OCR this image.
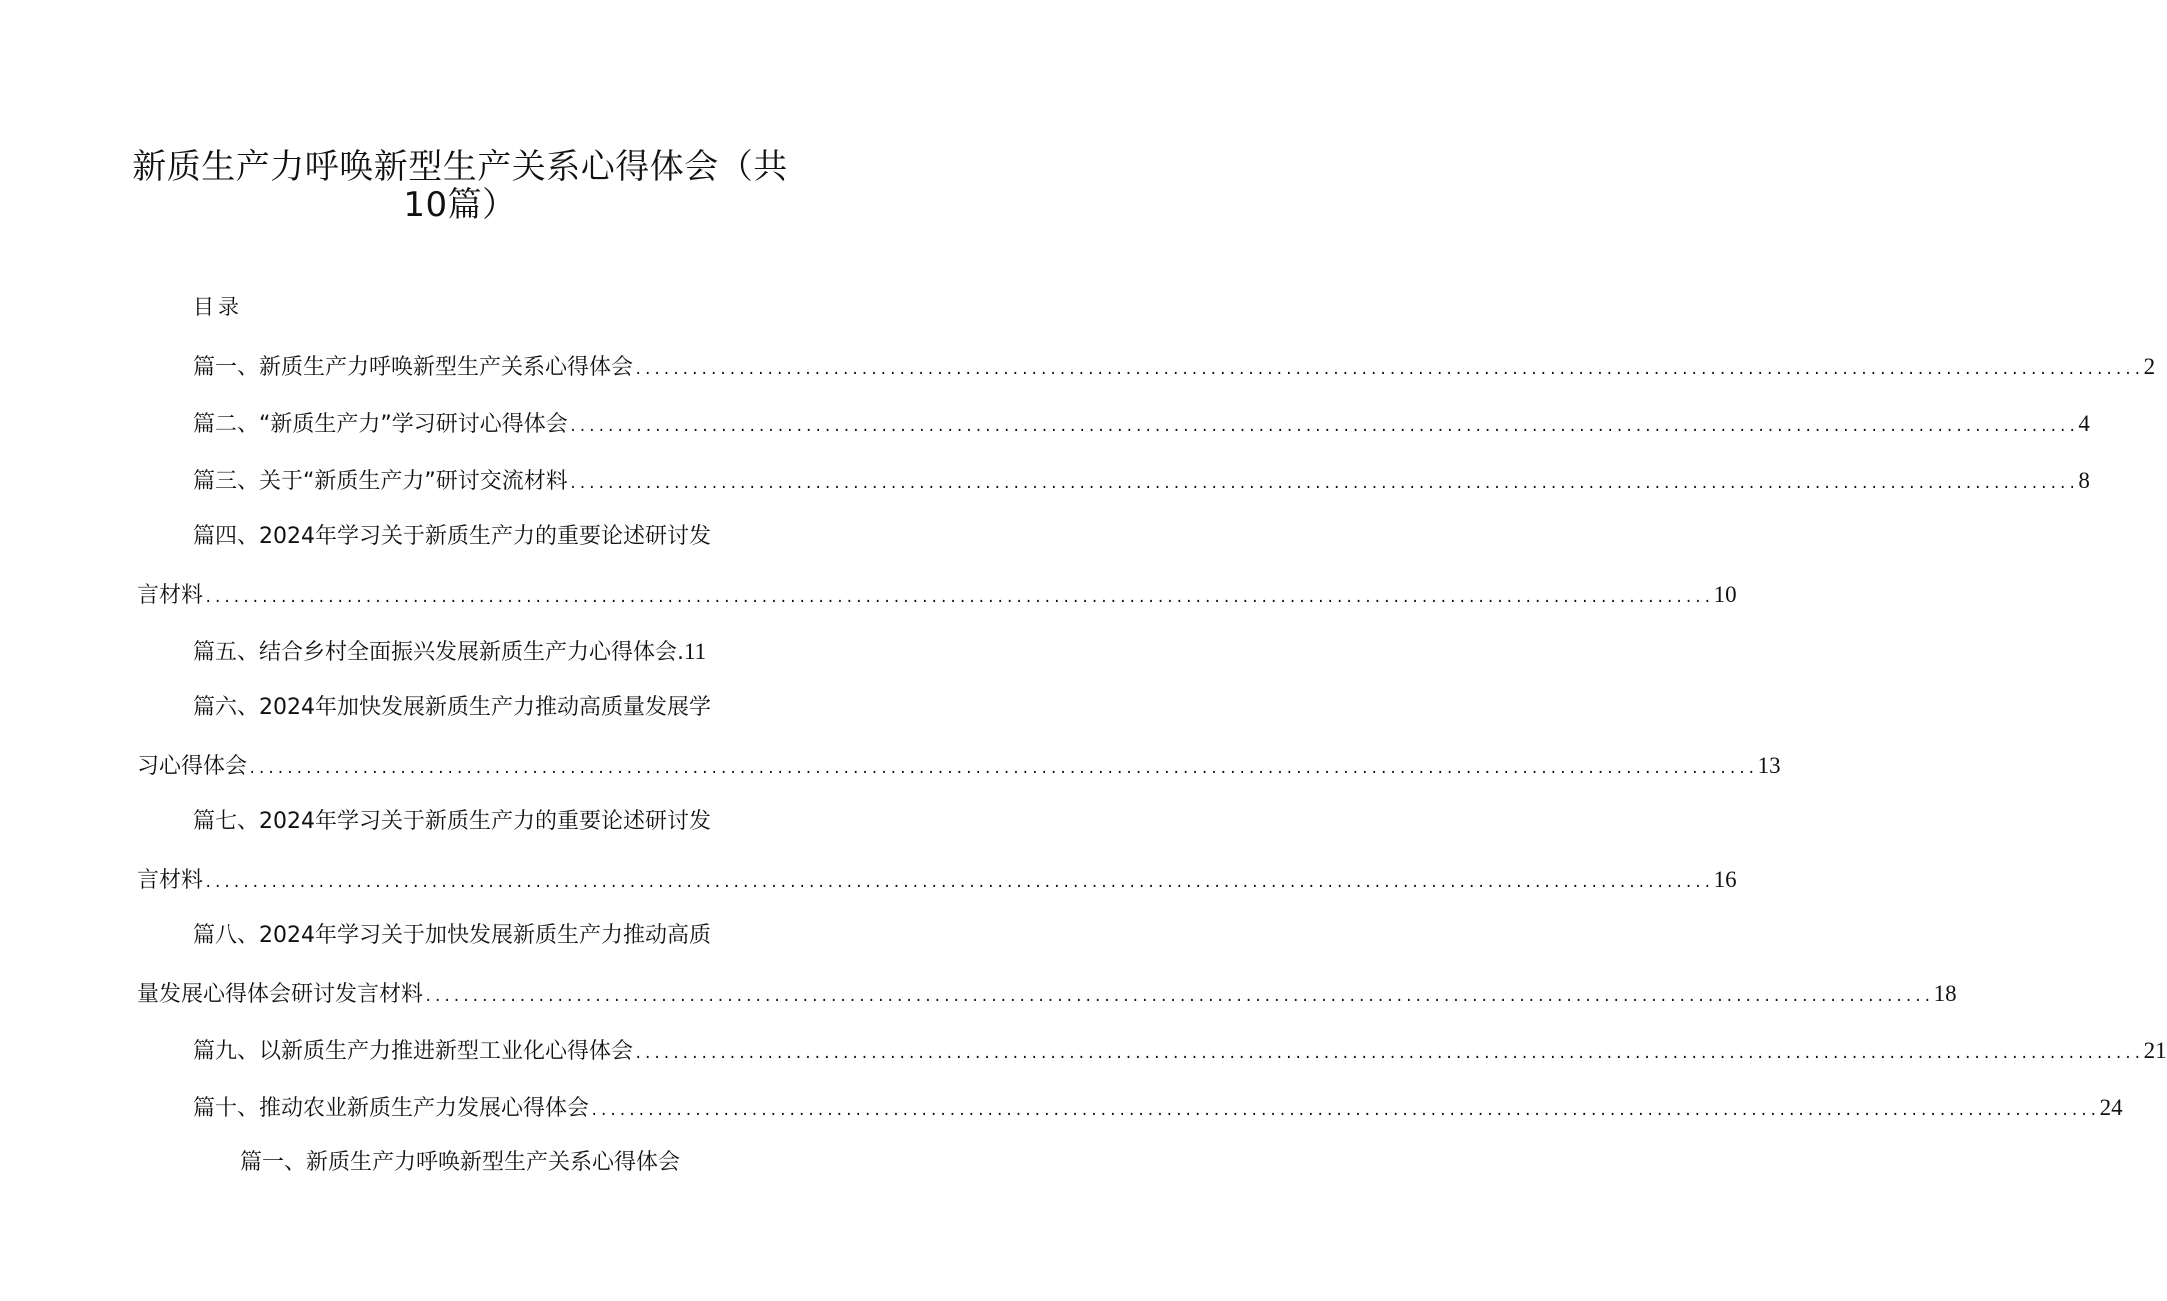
新质生产力呼唤新型生产关系心得体会（共
10篇）
目录
篇一、新质生产力呼唤新型生产关系心得体会 ................................................................................................................................................................ 2
篇二、“新质生产力”学习研讨心得体会 ................................................................................................................................................................ 4
篇三、关于“新质生产力”研讨交流材料 ................................................................................................................................................................ 8
篇四、2024年学习关于新质生产力的重要论述研讨发
言材料 ................................................................................................................................................................ 10
篇五、结合乡村全面振兴发展新质生产力心得体会. 11
篇六、2024年加快发展新质生产力推动高质量发展学
习心得体会 ................................................................................................................................................................ 13
篇七、2024年学习关于新质生产力的重要论述研讨发
言材料 ................................................................................................................................................................ 16
篇八、2024年学习关于加快发展新质生产力推动高质
量发展心得体会研讨发言材料 ................................................................................................................................................................ 18
篇九、以新质生产力推进新型工业化心得体会 ................................................................................................................................................................ 21
篇十、推动农业新质生产力发展心得体会 ................................................................................................................................................................ 24
篇一、新质生产力呼唤新型生产关系心得体会
